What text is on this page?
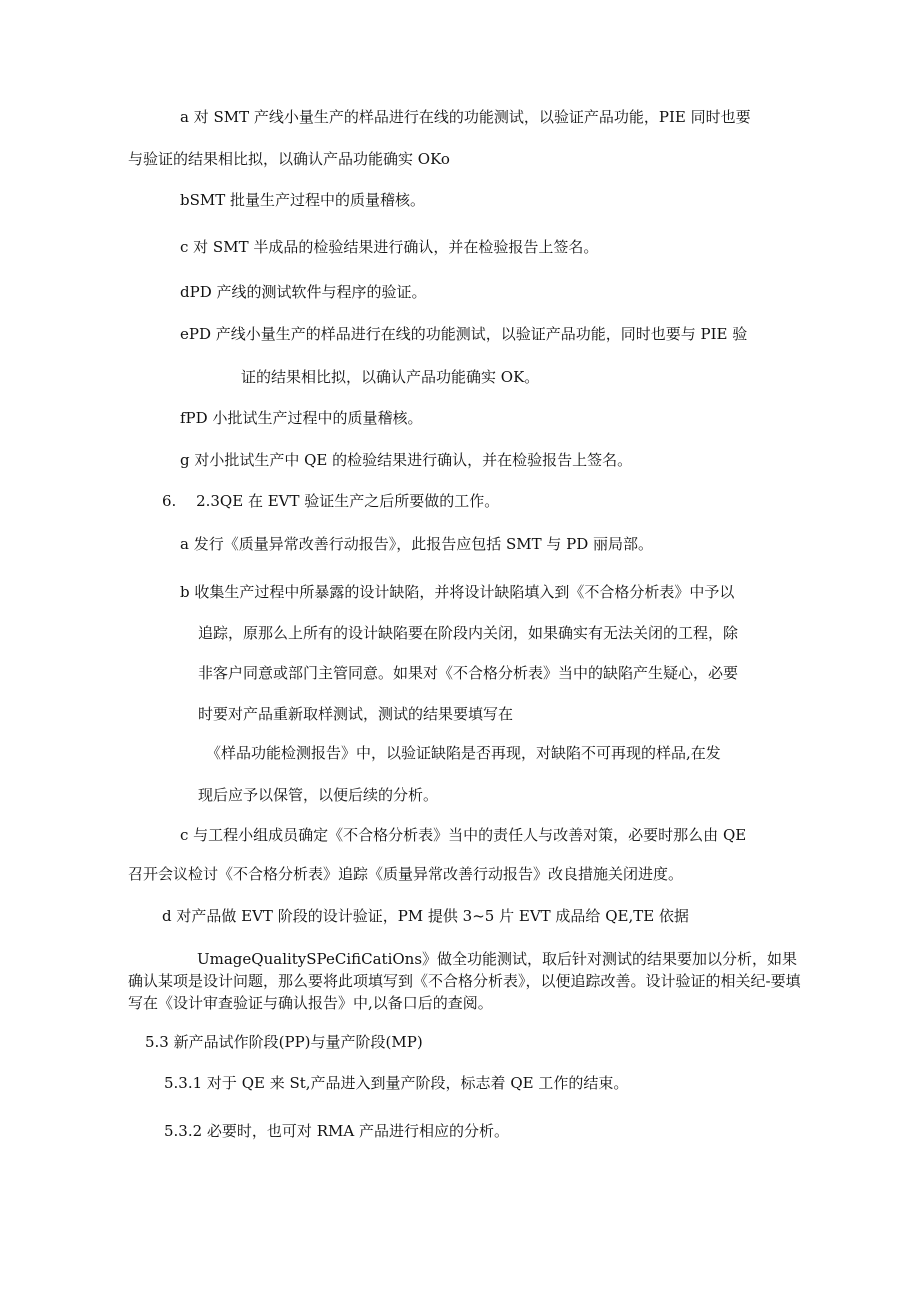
a 对 SMT 产线小量生产的样品进行在线的功能测试，以验证产品功能，PIE 同时也要
与验证的结果相比拟，以确认产品功能确实 OKo
bSMT 批量生产过程中的质量稽核。
c 对 SMT 半成品的检验结果进行确认，并在检验报告上签名。
dPD 产线的测试软件与程序的验证。
ePD 产线小量生产的样品进行在线的功能测试，以验证产品功能，同时也要与 PIE 验
证的结果相比拟，以确认产品功能确实 OK。
fPD 小批试生产过程中的质量稽核。
g 对小批试生产中 QE 的检验结果进行确认，并在检验报告上签名。
6.　 2.3QE 在 EVT 验证生产之后所要做的工作。
a 发行《质量异常改善行动报告》，此报告应包括 SMT 与 PD 丽局部。
b 收集生产过程中所暴露的设计缺陷，并将设计缺陷填入到《不合格分析表》中予以
追踪，原那么上所有的设计缺陷要在阶段内关闭，如果确实有无法关闭的工程，除
非客户同意或部门主管同意。如果对《不合格分析表》当中的缺陷产生疑心，必要
时要对产品重新取样测试，测试的结果要填写在
《样品功能检测报告》中，以验证缺陷是否再现，对缺陷不可再现的样品,在发
现后应予以保管，以便后续的分析。
c 与工程小组成员确定《不合格分析表》当中的责任人与改善对策，必要时那么由 QE
召开会议检讨《不合格分析表》追踪《质量异常改善行动报告》改良措施关闭进度。
d 对产品做 EVT 阶段的设计验证，PM 提供 3~5 片 EVT 成品给 QE,TE 依据
UmageQualitySPeCifiCatiOns》做全功能测试，取后针对测试的结果要加以分析，如果确认某项是设计问题，那么要将此项填写到《不合格分析表》，以便追踪改善。设计验证的相关纪-要填写在《设计审查验证与确认报告》中,以备口后的查阅。
5.3 新产品试作阶段(PP)与量产阶段(MP)
5.3.1 对于 QE 来 St,产品进入到量产阶段，标志着 QE 工作的结束。
5.3.2 必要时，也可对 RMA 产品进行相应的分析。
